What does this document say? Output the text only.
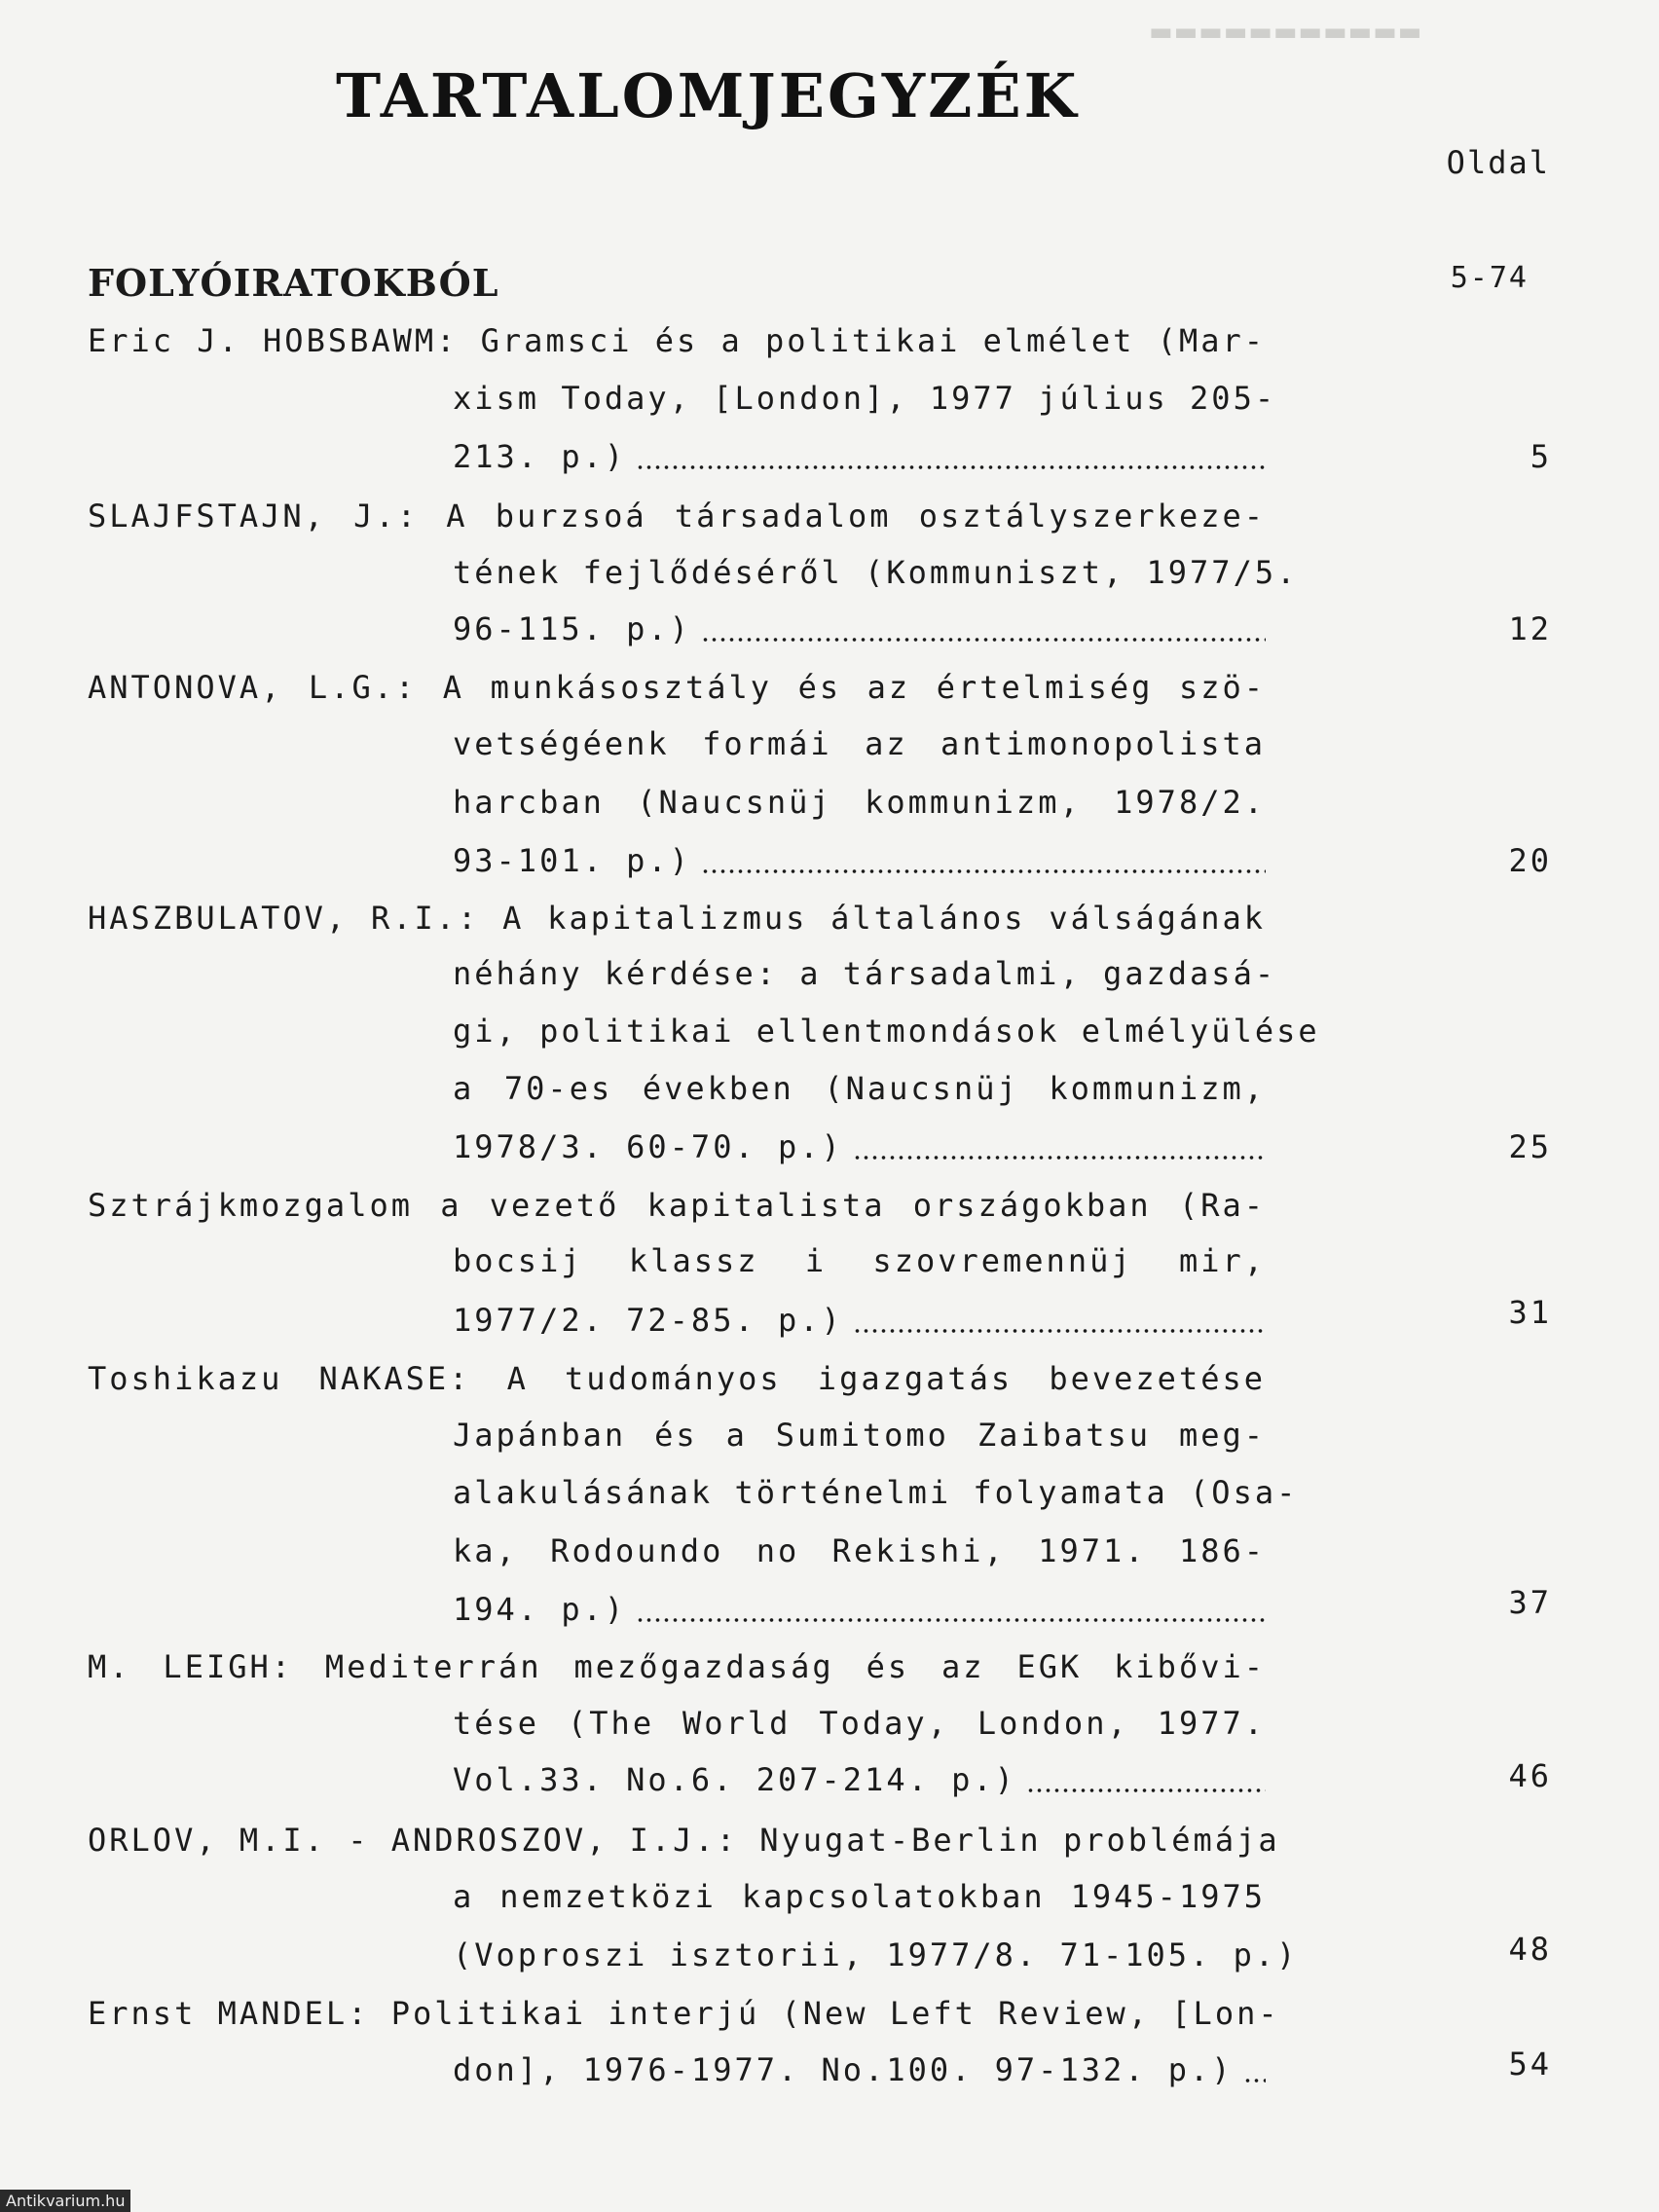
▬▬▬▬▬▬▬▬▬▬▬
TARTALOMJEGYZÉK
Oldal
FOLYÓIRATOKBÓL	5-74
Eric J. HOBSBAWM: Gramsci és a politikai elmélet (Mar-
xism Today, [London], 1977 július 205-
213. p.)	5
SLAJFSTAJN, J.: A burzsoá társadalom osztályszerkeze-
tének fejlődéséről (Kommuniszt, 1977/5.
96-115. p.)	12
ANTONOVA, L.G.: A munkásosztály és az értelmiség szö-
vetségéenk formái az antimonopolista
harcban (Naucsnüj kommunizm, 1978/2.
93-101. p.)	20
HASZBULATOV, R.I.: A kapitalizmus általános válságának
néhány kérdése: a társadalmi, gazdasá-
gi, politikai ellentmondások elmélyülése
a 70-es években (Naucsnüj kommunizm,
1978/3. 60-70. p.)	25
Sztrájkmozgalom a vezető kapitalista országokban (Ra-
bocsij klassz i szovremennüj mir,
1977/2. 72-85. p.)	31
Toshikazu NAKASE: A tudományos igazgatás bevezetése
Japánban és a Sumitomo Zaibatsu meg-
alakulásának történelmi folyamata (Osa-
ka, Rodoundo no Rekishi, 1971. 186-
194. p.)	37
M. LEIGH: Mediterrán mezőgazdaság és az EGK kibővi-
tése (The World Today, London, 1977.
Vol.33. No.6. 207-214. p.)	46
ORLOV, M.I. - ANDROSZOV, I.J.: Nyugat-Berlin problémája
a nemzetközi kapcsolatokban 1945-1975
(Voproszi isztorii, 1977/8. 71-105. p.)	48
Ernst MANDEL: Politikai interjú (New Left Review, [Lon-
don], 1976-1977. No.100. 97-132. p.)	54
Antikvarium.hu
